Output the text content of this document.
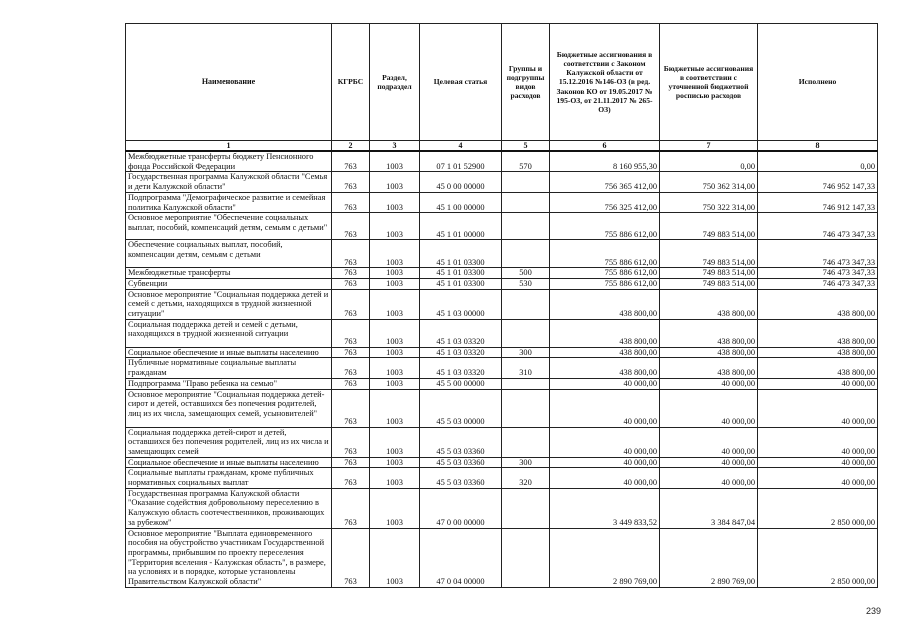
Наименование	КГРБС	Раздел, подраздел	Целевая статья	Группы и подгруппы видов расходов	Бюджетные ассигнования в соответствии с Законом Калужской области от 15.12.2016 №146-ОЗ (в ред. Законов КО от 19.05.2017 № 195-ОЗ, от 21.11.2017 № 265-ОЗ)	Бюджетные ассигнования в соответствии с уточненной бюджетной росписью расходов	Исполнено
1	2	3	4	5	6	7	8
Межбюджетные трансферты бюджету Пенсионного фонда Российской Федерации	763	1003	07 1 01 52900	570	8 160 955,30	0,00	0,00
Государственная программа Калужской области "Семья и дети Калужской области"	763	1003	45 0 00 00000		756 365 412,00	750 362 314,00	746 952 147,33
Подпрограмма "Демографическое развитие и семейная политика Калужской области"	763	1003	45 1 00 00000		756 325 412,00	750 322 314,00	746 912 147,33
Основное мероприятие "Обеспечение социальных выплат, пособий, компенсаций детям, семьям с детьми"	763	1003	45 1 01 00000		755 886 612,00	749 883 514,00	746 473 347,33
Обеспечение социальных выплат, пособий, компенсации детям, семьям с детьми	763	1003	45 1 01 03300		755 886 612,00	749 883 514,00	746 473 347,33
Межбюджетные трансферты	763	1003	45 1 01 03300	500	755 886 612,00	749 883 514,00	746 473 347,33
Субвенции	763	1003	45 1 01 03300	530	755 886 612,00	749 883 514,00	746 473 347,33
Основное мероприятие "Социальная поддержка детей и семей с детьми, находящихся в трудной жизненной ситуации"	763	1003	45 1 03 00000		438 800,00	438 800,00	438 800,00
Социальная поддержка детей и семей с детьми, находящихся в трудной жизненной ситуации	763	1003	45 1 03 03320		438 800,00	438 800,00	438 800,00
Социальное обеспечение и иные выплаты населению	763	1003	45 1 03 03320	300	438 800,00	438 800,00	438 800,00
Публичные нормативные социальные выплаты гражданам	763	1003	45 1 03 03320	310	438 800,00	438 800,00	438 800,00
Подпрограмма "Право ребенка на семью"	763	1003	45 5 00 00000		40 000,00	40 000,00	40 000,00
Основное мероприятие "Социальная поддержка детей-сирот и детей, оставшихся без попечения родителей, лиц из их числа, замещающих семей, усыновителей"	763	1003	45 5 03 00000		40 000,00	40 000,00	40 000,00
Социальная поддержка детей-сирот и детей, оставшихся без попечения родителей, лиц из их числа и замещающих семей	763	1003	45 5 03 03360		40 000,00	40 000,00	40 000,00
Социальное обеспечение и иные выплаты населению	763	1003	45 5 03 03360	300	40 000,00	40 000,00	40 000,00
Социальные выплаты гражданам, кроме публичных нормативных социальных выплат	763	1003	45 5 03 03360	320	40 000,00	40 000,00	40 000,00
Государственная программа Калужской области "Оказание содействия добровольному переселению в Калужскую область соотечественников, проживающих за рубежом"	763	1003	47 0 00 00000		3 449 833,52	3 384 847,04	2 850 000,00
Основное мероприятие "Выплата единовременного пособия на обустройство участникам Государственной программы, прибывшим по проекту переселения "Территория вселения - Калужская область", в размере, на условиях и в порядке, которые установлены Правительством Калужской области"	763	1003	47 0 04 00000		2 890 769,00	2 890 769,00	2 850 000,00
239
